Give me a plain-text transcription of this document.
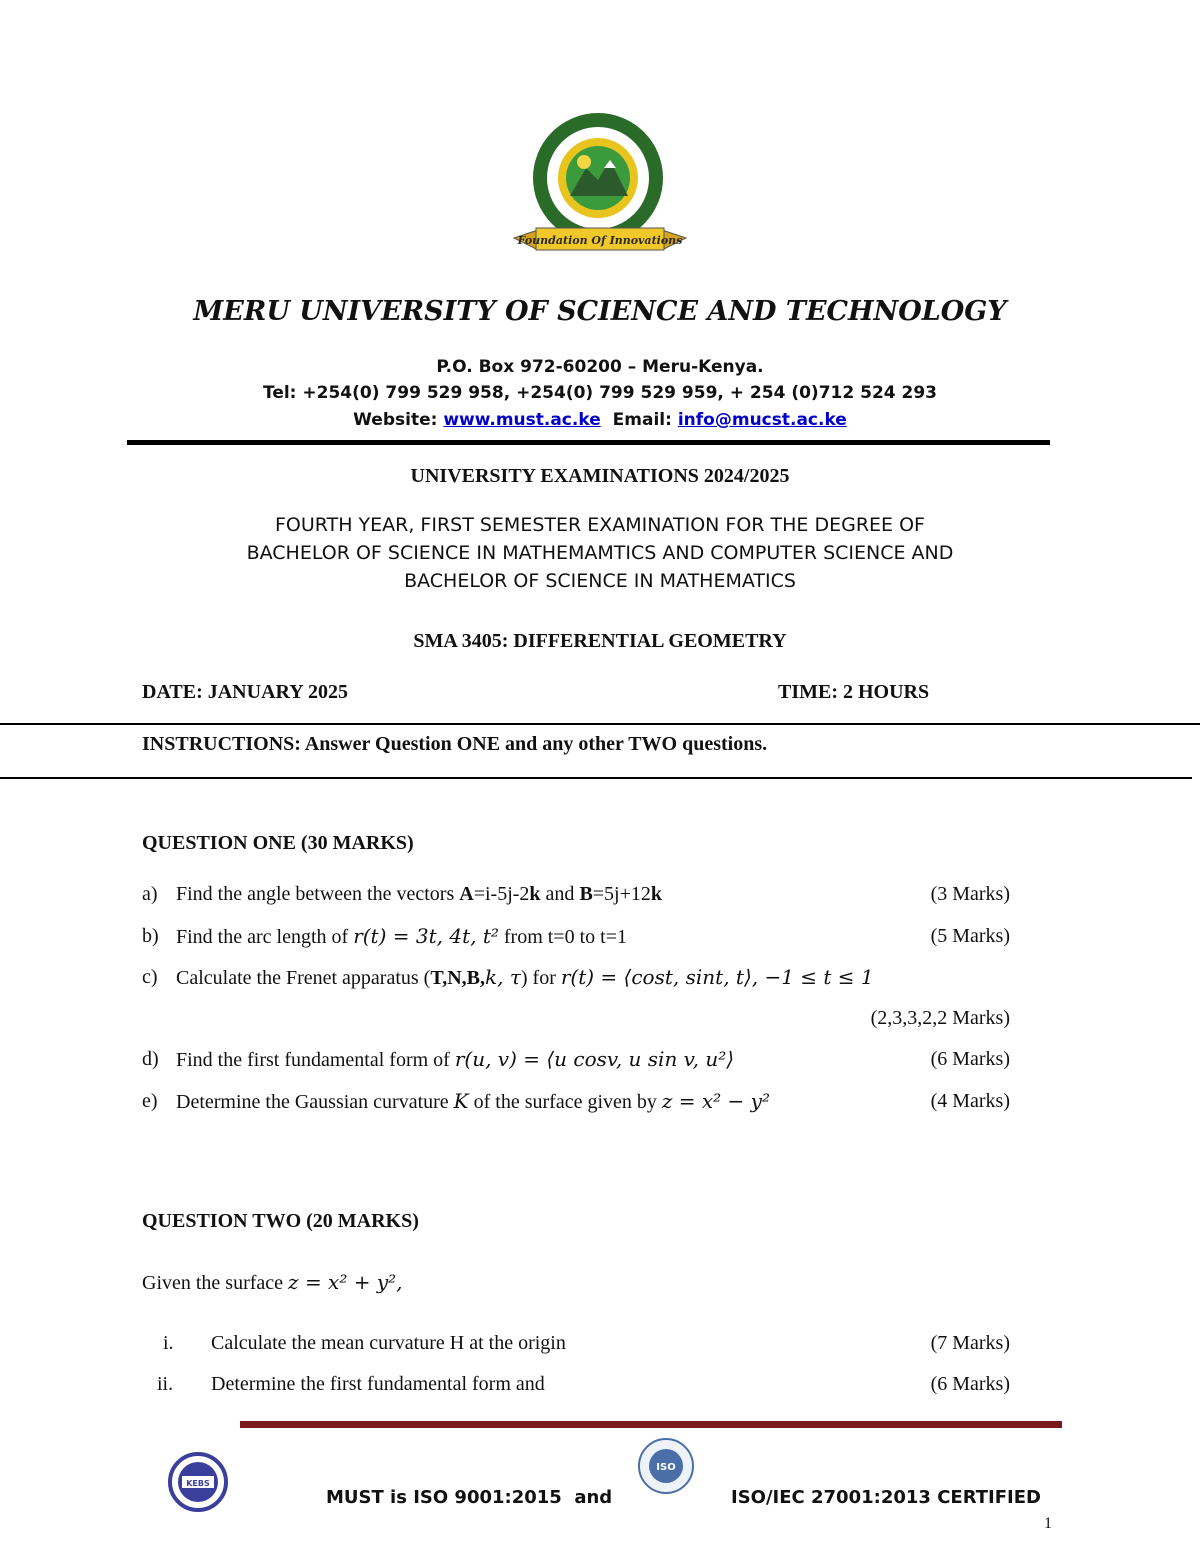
Foundation Of Innovations
MERU UNIVERSITY OF SCIENCE AND TECHNOLOGY
P.O. Box 972-60200 – Meru-Kenya.
Tel: +254(0) 799 529 958, +254(0) 799 529 959, + 254 (0)712 524 293
Website: www.must.ac.ke Email: info@mucst.ac.ke
UNIVERSITY EXAMINATIONS 2024/2025
FOURTH YEAR, FIRST SEMESTER EXAMINATION FOR THE DEGREE OF
BACHELOR OF SCIENCE IN MATHEMAMTICS AND COMPUTER SCIENCE AND
BACHELOR OF SCIENCE IN MATHEMATICS
SMA 3405: DIFFERENTIAL GEOMETRY
DATE: JANUARY 2025	TIME: 2 HOURS
INSTRUCTIONS: Answer Question ONE and any other TWO questions.
QUESTION ONE (30 MARKS)
a) Find the angle between the vectors A=i-5j-2k and B=5j+12k	(3 Marks)
b) Find the arc length of r(t) = 3t, 4t, t² from t=0 to t=1	(5 Marks)
c) Calculate the Frenet apparatus (T,N,B,k, τ) for r(t) = ⟨cost, sint, t⟩, −1 ≤ t ≤ 1
(2,3,3,2,2 Marks)
d) Find the first fundamental form of r(u, v) = ⟨u cosv, u sin v, u²⟩	(6 Marks)
e) Determine the Gaussian curvature K of the surface given by z = x² − y²	(4 Marks)
QUESTION TWO (20 MARKS)
Given the surface z = x² + y²,
i. Calculate the mean curvature H at the origin	(7 Marks)
ii. Determine the first fundamental form and	(6 Marks)
KEBS
ISO
MUST is ISO 9001:2015  and	ISO/IEC 27001:2013 CERTIFIED
1
